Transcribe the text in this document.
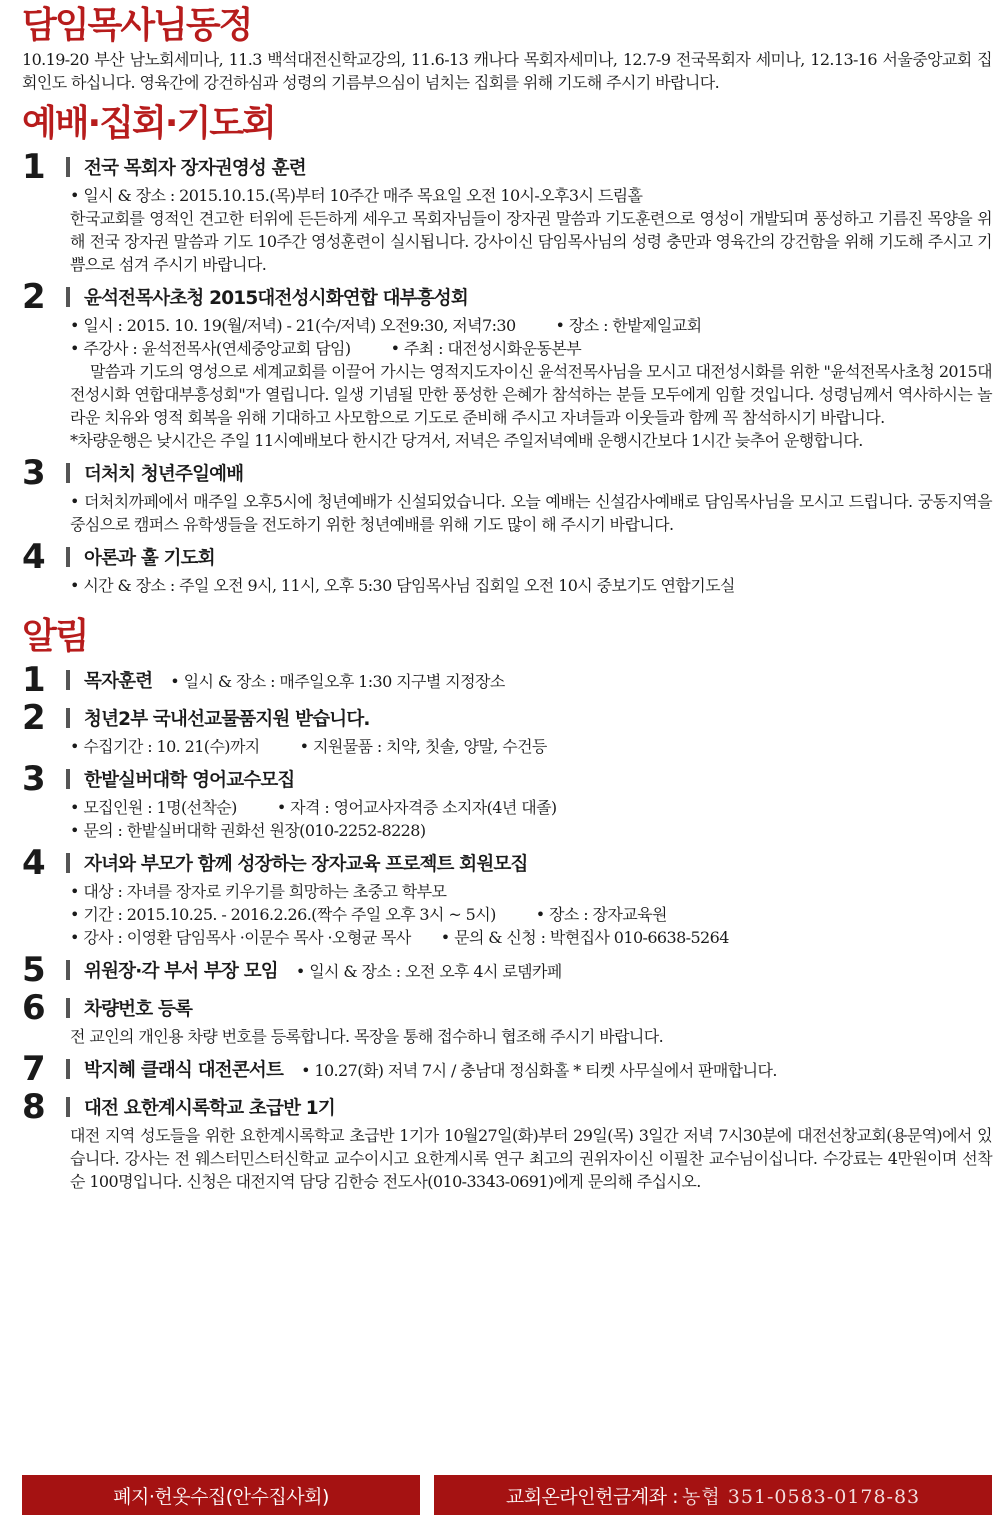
담임목사님동정

10.19-20 부산 남노회세미나, 11.3 백석대전신학교강의, 11.6-13 캐나다 목회자세미나, 12.7-9 전국목회자 세미나, 12.13-16 서울중앙교회 집회인도 하십니다. 영육간에 강건하심과 성령의 기름부으심이 넘치는 집회를 위해 기도해 주시기 바랍니다.

예배·집회·기도회
1	전국 목회자 장자권영성 훈련
• 일시 & 장소 : 2015.10.15.(목)부터 10주간 매주 목요일 오전 10시-오후3시 드림홀
한국교회를 영적인 견고한 터위에 든든하게 세우고 목회자님들이 장자권 말씀과 기도훈련으로 영성이 개발되며 풍성하고 기름진 목양을 위해 전국 장자권 말씀과 기도 10주간 영성훈련이 실시됩니다. 강사이신 담임목사님의 성령 충만과 영육간의 강건함을 위해 기도해 주시고 기쁨으로 섬겨 주시기 바랍니다.
2	윤석전목사초청 2015대전성시화연합 대부흥성회
• 일시 : 2015. 10. 19(월/저녁) - 21(수/저녁) 오전9:30, 저녁7:30	• 장소 : 한밭제일교회
• 주강사 : 윤석전목사(연세중앙교회 담임)	• 주최 : 대전성시화운동본부
말씀과 기도의 영성으로 세계교회를 이끌어 가시는 영적지도자이신 윤석전목사님을 모시고 대전성시화를 위한 "윤석전목사초청 2015대전성시화 연합대부흥성회"가 열립니다. 일생 기념될 만한 풍성한 은혜가 참석하는 분들 모두에게 임할 것입니다. 성령님께서 역사하시는 놀라운 치유와 영적 회복을 위해 기대하고 사모함으로 기도로 준비해 주시고 자녀들과 이웃들과 함께 꼭 참석하시기 바랍니다.
*차량운행은 낮시간은 주일 11시예배보다 한시간 당겨서, 저녁은 주일저녁예배 운행시간보다 1시간 늦추어 운행합니다.
3	더처치 청년주일예배
• 더처치까페에서 매주일 오후5시에 청년예배가 신설되었습니다. 오늘 예배는 신설감사예배로 담임목사님을 모시고 드립니다. 궁동지역을 중심으로 캠퍼스 유학생들을 전도하기 위한 청년예배를 위해 기도 많이 해 주시기 바랍니다.
4	아론과 훌 기도회
• 시간 & 장소 : 주일 오전 9시, 11시, 오후 5:30 담임목사님 집회일 오전 10시 중보기도 연합기도실
알림
1	목자훈련 • 일시 & 장소 : 매주일오후 1:30 지구별 지정장소
2	청년2부 국내선교물품지원 받습니다.
• 수집기간 : 10. 21(수)까지	• 지원물품 : 치약, 칫솔, 양말, 수건등
3	한밭실버대학 영어교수모집
• 모집인원 : 1명(선착순)	• 자격 : 영어교사자격증 소지자(4년 대졸)
• 문의 : 한밭실버대학 권화선 원장(010-2252-8228)
4	자녀와 부모가 함께 성장하는 장자교육 프로젝트 회원모집
• 대상 : 자녀를 장자로 키우기를 희망하는 초중고 학부모
• 기간 : 2015.10.25. - 2016.2.26.(짝수 주일 오후 3시 ~ 5시)	• 장소 : 장자교육원
• 강사 : 이영환 담임목사 ·이문수 목사 ·오형균 목사 • 문의 & 신청 : 박현집사 010-6638-5264
5	위원장·각 부서 부장 모임 • 일시 & 장소 : 오전 오후 4시 로뎀카페
6	차량번호 등록
전 교인의 개인용 차량 번호를 등록합니다. 목장을 통해 접수하니 협조해 주시기 바랍니다.
7	박지혜 클래식 대전콘서트 • 10.27(화) 저녁 7시 / 충남대 정심화홀 * 티켓 사무실에서 판매합니다.
8	대전 요한계시록학교 초급반 1기
대전 지역 성도들을 위한 요한계시록학교 초급반 1기가 10월27일(화)부터 29일(목) 3일간 저녁 7시30분에 대전선창교회(용문역)에서 있습니다. 강사는 전 웨스터민스터신학교 교수이시고 요한계시록 연구 최고의 권위자이신 이필찬 교수님이십니다. 수강료는 4만원이며 선착순 100명입니다. 신청은 대전지역 담당 김한승 전도사(010-3343-0691)에게 문의해 주십시오.
폐지·헌옷수집(안수집사회)	교회온라인헌금계좌 : 농협 351-0583-0178-83
